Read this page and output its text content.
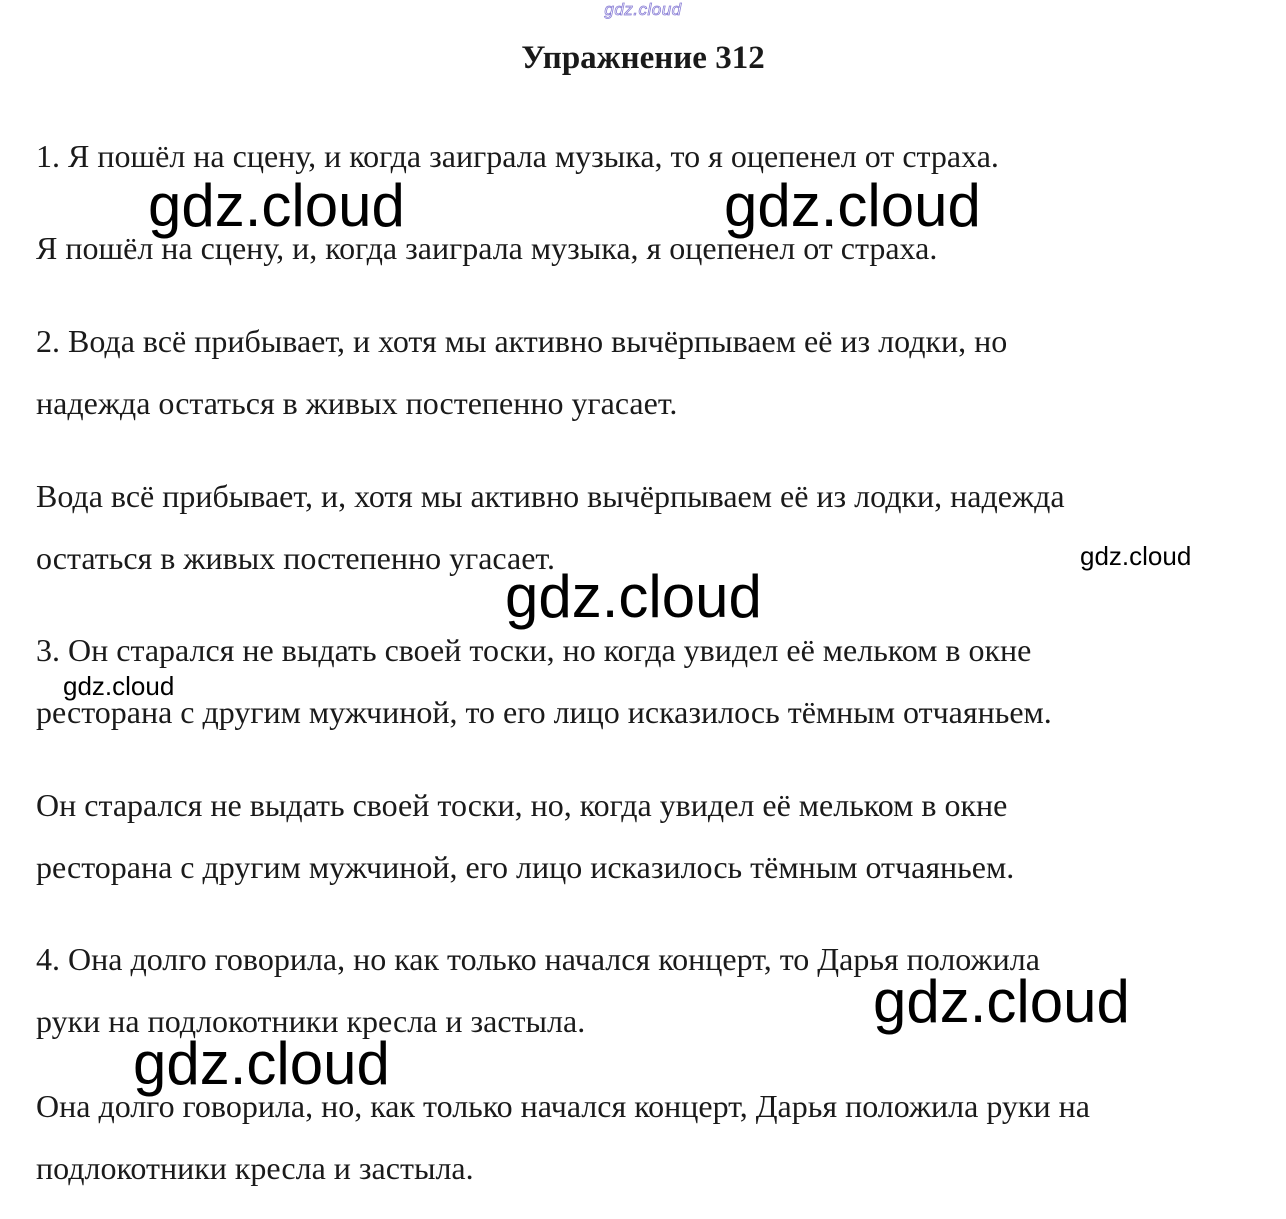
gdz.cloud
Упражнение 312
1. Я пошёл на сцену, и когда заиграла музыка, то я оцепенел от страха.
Я пошёл на сцену, и, когда заиграла музыка, я оцепенел от страха.
2. Вода всё прибывает, и хотя мы активно вычёрпываем её из лодки, но
надежда остаться в живых постепенно угасает.
Вода всё прибывает, и, хотя мы активно вычёрпываем её из лодки, надежда
остаться в живых постепенно угасает.
3. Он старался не выдать своей тоски, но когда увидел её мельком в окне
ресторана с другим мужчиной, то его лицо исказилось тёмным отчаяньем.
Он старался не выдать своей тоски, но, когда увидел её мельком в окне
ресторана с другим мужчиной, его лицо исказилось тёмным отчаяньем.
4. Она долго говорила, но как только начался концерт, то Дарья положила
руки на подлокотники кресла и застыла.
Она долго говорила, но, как только начался концерт, Дарья положила руки на
подлокотники кресла и застыла.
gdz.cloud	gdz.cloud
gdz.cloud
gdz.cloud
gdz.cloud
gdz.cloud
gdz.cloud
